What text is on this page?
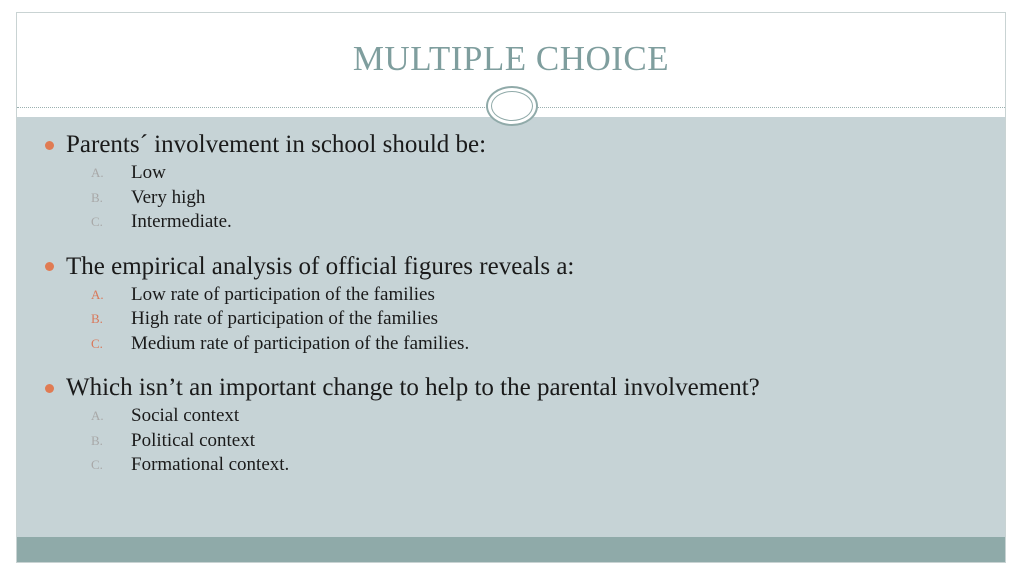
MULTIPLE CHOICE
Parents´ involvement in school should be:
A.	Low
B.	Very high
C.	Intermediate.
The empirical analysis of official figures reveals a:
A.	Low rate of participation of the families
B.	High rate of participation of the families
C.	Medium rate of participation of the families.
Which isn’t an important change to help to the parental involvement?
A.	Social context
B.	Political context
C.	Formational context.
